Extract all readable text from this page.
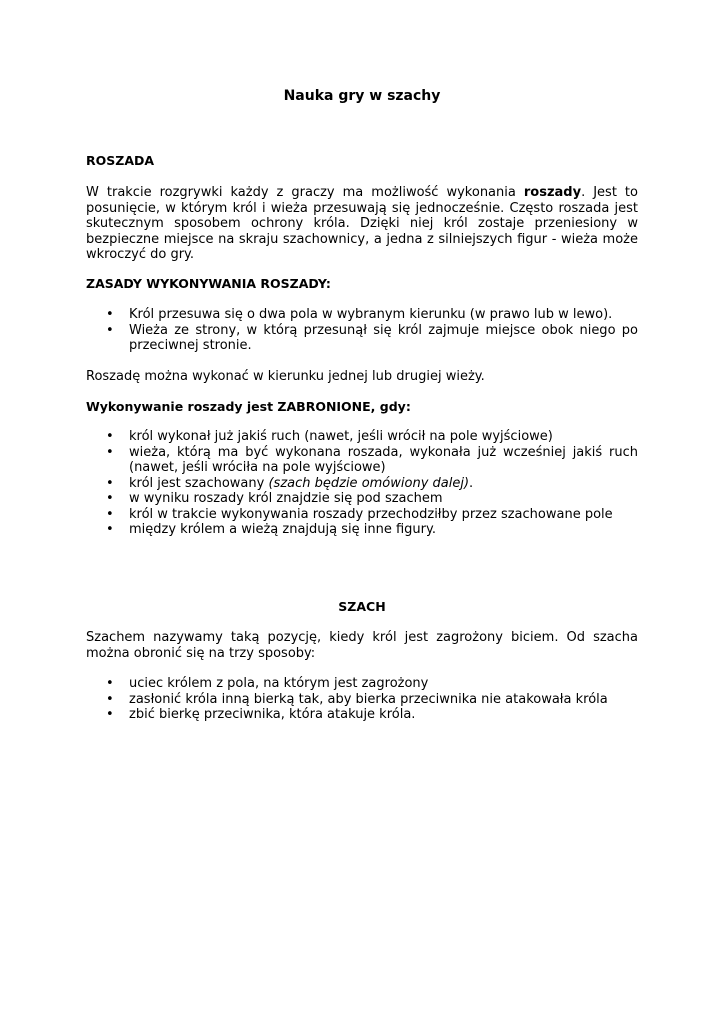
Nauka gry w szachy
ROSZADA

W trakcie rozgrywki każdy z graczy ma możliwość wykonania roszady. Jest to posunięcie, w którym król i wieża przesuwają się jednocześnie. Często roszada jest skutecznym sposobem ochrony króla. Dzięki niej król zostaje przeniesiony w bezpieczne miejsce na skraju szachownicy, a jedna z silniejszych figur - wieża może wkroczyć do gry.

ZASADY WYKONYWANIA ROSZADY:
• Król przesuwa się o dwa pola w wybranym kierunku (w prawo lub w lewo).
• Wieża ze strony, w którą przesunął się król zajmuje miejsce obok niego po przeciwnej stronie.

Roszadę można wykonać w kierunku jednej lub drugiej wieży.

Wykonywanie roszady jest ZABRONIONE, gdy:
• król wykonał już jakiś ruch (nawet, jeśli wrócił na pole wyjściowe)
• wieża, którą ma być wykonana roszada, wykonała już wcześniej jakiś ruch (nawet, jeśli wróciła na pole wyjściowe)
• król jest szachowany (szach będzie omówiony dalej).
• w wyniku roszady król znajdzie się pod szachem
• król w trakcie wykonywania roszady przechodziłby przez szachowane pole
• między królem a wieżą znajdują się inne figury.
SZACH

Szachem nazywamy taką pozycję, kiedy król jest zagrożony biciem. Od szacha można obronić się na trzy sposoby:

• uciec królem z pola, na którym jest zagrożony
• zasłonić króla inną bierką tak, aby bierka przeciwnika nie atakowała króla
• zbić bierkę przeciwnika, która atakuje króla.
